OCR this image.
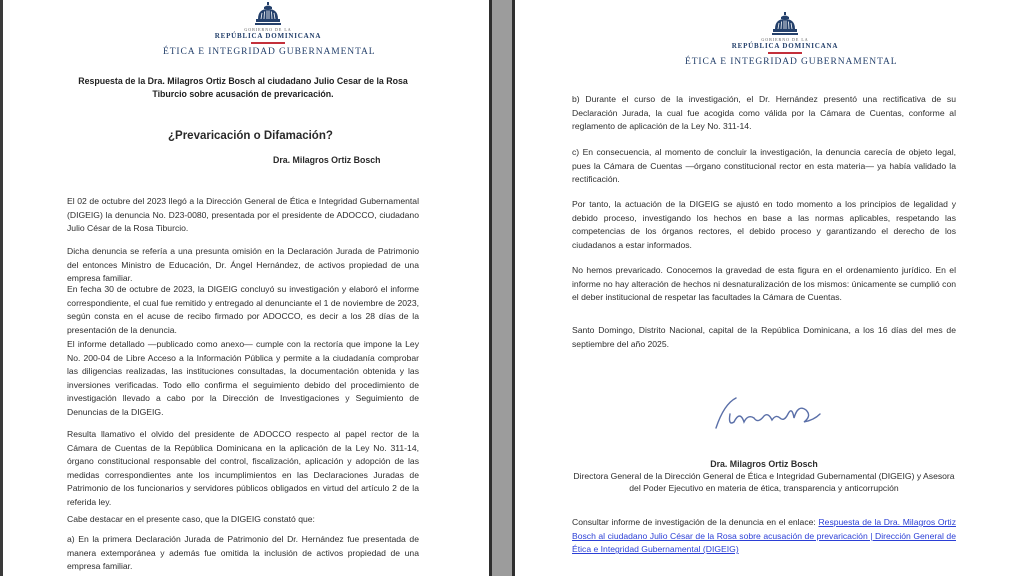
GOBIERNO DE LA
REPÚBLICA DOMINICANA
ÉTICA E INTEGRIDAD GUBERNAMENTAL
Respuesta de la Dra. Milagros Ortiz Bosch al ciudadano Julio Cesar de la Rosa Tiburcio sobre acusación de prevaricación.
¿Prevaricación o Difamación?
Dra. Milagros Ortiz Bosch
El 02 de octubre del 2023 llegó a la Dirección General de Ética e Integridad Gubernamental (DIGEIG) la denuncia No. D23-0080, presentada por el presidente de ADOCCO, ciudadano Julio César de la Rosa Tiburcio.
Dicha denuncia se refería a una presunta omisión en la Declaración Jurada de Patrimonio del entonces Ministro de Educación, Dr. Ángel Hernández, de activos propiedad de una empresa familiar.
En fecha 30 de octubre de 2023, la DIGEIG concluyó su investigación y elaboró el informe correspondiente, el cual fue remitido y entregado al denunciante el 1 de noviembre de 2023, según consta en el acuse de recibo firmado por ADOCCO, es decir a los 28 días de la presentación de la denuncia.
El informe detallado —publicado como anexo— cumple con la rectoría que impone la Ley No. 200-04 de Libre Acceso a la Información Pública y permite a la ciudadanía comprobar las diligencias realizadas, las instituciones consultadas, la documentación obtenida y las inversiones verificadas. Todo ello confirma el seguimiento debido del procedimiento de investigación llevado a cabo por la Dirección de Investigaciones y Seguimiento de Denuncias de la DIGEIG.
Resulta llamativo el olvido del presidente de ADOCCO respecto al papel rector de la Cámara de Cuentas de la República Dominicana en la aplicación de la Ley No. 311-14, órgano constitucional responsable del control, fiscalización, aplicación y adopción de las medidas correspondientes ante los incumplimientos en las Declaraciones Juradas de Patrimonio de los funcionarios y servidores públicos obligados en virtud del artículo 2 de la referida ley.
Cabe destacar en el presente caso, que la DIGEIG constató que:
a) En la primera Declaración Jurada de Patrimonio del Dr. Hernández fue presentada de manera extemporánea y además fue omitida la inclusión de activos propiedad de una empresa familiar.
GOBIERNO DE LA
REPÚBLICA DOMINICANA
ÉTICA E INTEGRIDAD GUBERNAMENTAL
b) Durante el curso de la investigación, el Dr. Hernández presentó una rectificativa de su Declaración Jurada, la cual fue acogida como válida por la Cámara de Cuentas, conforme al reglamento de aplicación de la Ley No. 311-14.
c) En consecuencia, al momento de concluir la investigación, la denuncia carecía de objeto legal, pues la Cámara de Cuentas —órgano constitucional rector en esta materia— ya había validado la rectificación.
Por tanto, la actuación de la DIGEIG se ajustó en todo momento a los principios de legalidad y debido proceso, investigando los hechos en base a las normas aplicables, respetando las competencias de los órganos rectores, el debido proceso y garantizando el derecho de los ciudadanos a estar informados.
No hemos prevaricado. Conocemos la gravedad de esta figura en el ordenamiento jurídico. En el informe no hay alteración de hechos ni desnaturalización de los mismos: únicamente se cumplió con el deber institucional de respetar las facultades la Cámara de Cuentas.
Santo Domingo, Distrito Nacional, capital de la República Dominicana, a los 16 días del mes de septiembre del año 2025.
Dra. Milagros Ortiz Bosch
Directora General de la Dirección General de Ética e Integridad Gubernamental (DIGEIG) y Asesora del Poder Ejecutivo en materia de ética, transparencia y anticorrupción
Consultar informe de investigación de la denuncia en el enlace: Respuesta de la Dra. Milagros Ortiz Bosch al ciudadano Julio César de la Rosa sobre acusación de prevaricación | Dirección General de Ética e Integridad Gubernamental (DIGEIG)
